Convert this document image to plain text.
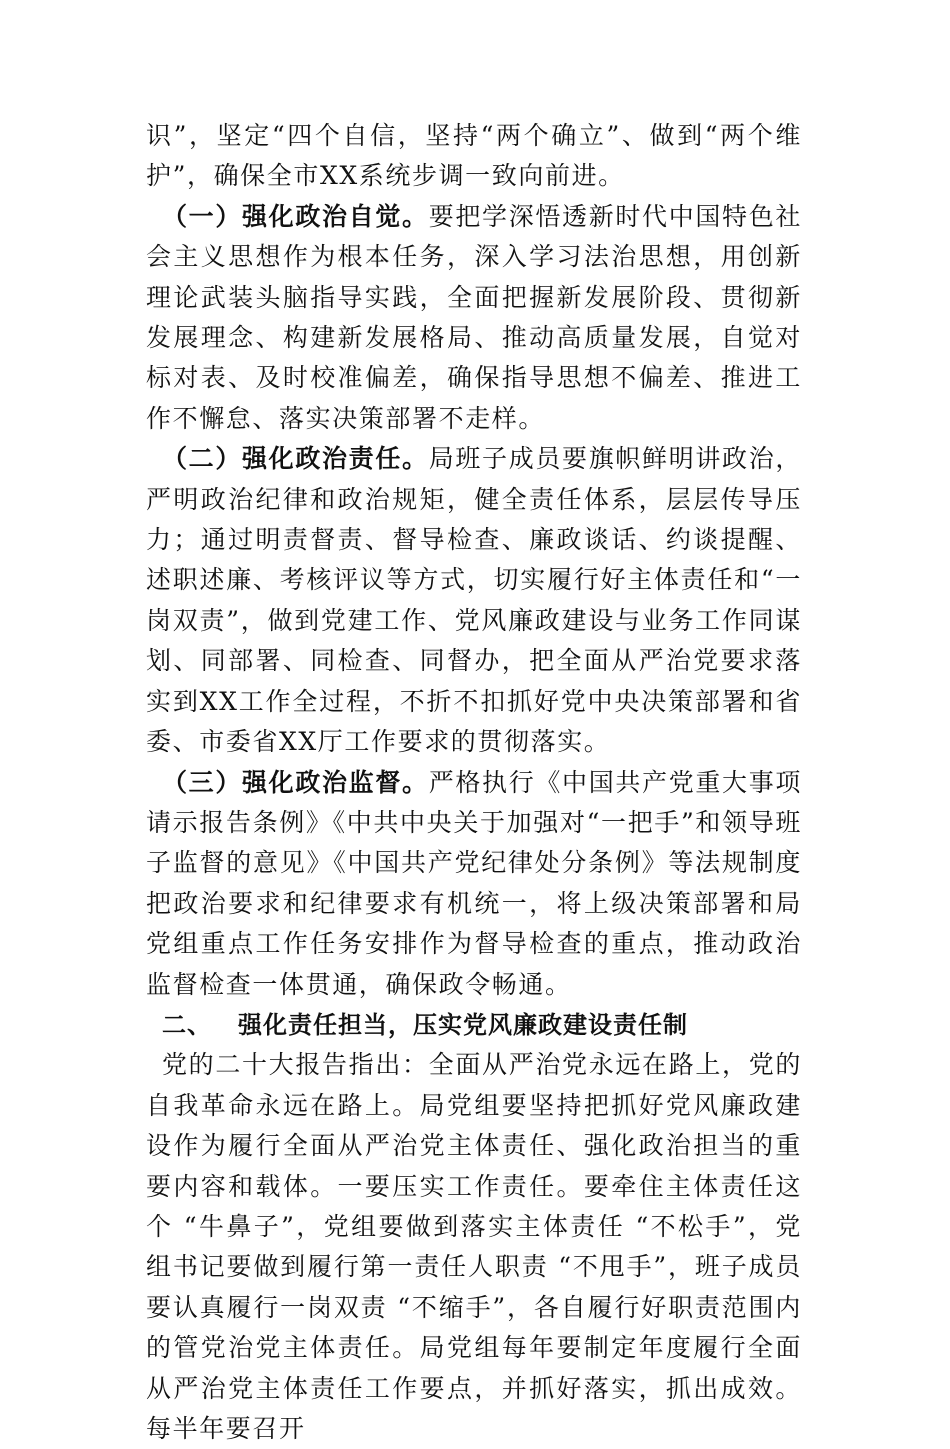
识”，坚定“四个自信，坚持“两个确立”、做到“两个维护”，确保全市XX系统步调一致向前进。

（一）强化政治自觉。要把学深悟透新时代中国特色社会主义思想作为根本任务，深入学习法治思想，用创新理论武装头脑指导实践，全面把握新发展阶段、贯彻新发展理念、构建新发展格局、推动高质量发展，自觉对标对表、及时校准偏差，确保指导思想不偏差、推进工作不懈怠、落实决策部署不走样。

（二）强化政治责任。局班子成员要旗帜鲜明讲政治，严明政治纪律和政治规矩，健全责任体系，层层传导压力；通过明责督责、督导检查、廉政谈话、约谈提醒、述职述廉、考核评议等方式，切实履行好主体责任和“一岗双责”，做到党建工作、党风廉政建设与业务工作同谋划、同部署、同检查、同督办，把全面从严治党要求落实到XX工作全过程，不折不扣抓好党中央决策部署和省委、市委省XX厅工作要求的贯彻落实。

（三）强化政治监督。严格执行《中国共产党重大事项请示报告条例》《中共中央关于加强对“一把手”和领导班子监督的意见》《中国共产党纪律处分条例》等法规制度把政治要求和纪律要求有机统一，将上级决策部署和局党组重点工作任务安排作为督导检查的重点，推动政治监督检查一体贯通，确保政令畅通。

二、 强化责任担当，压实党风廉政建设责任制

党的二十大报告指出：全面从严治党永远在路上，党的自我革命永远在路上。局党组要坚持把抓好党风廉政建设作为履行全面从严治党主体责任、强化政治担当的重要内容和载体。一要压实工作责任。要牵住主体责任这个 “牛鼻子”，党组要做到落实主体责任 “不松手”，党组书记要做到履行第一责任人职责 “不甩手”，班子成员要认真履行一岗双责 “不缩手”，各自履行好职责范围内的管党治党主体责任。局党组每年要制定年度履行全面从严治党主体责任工作要点，并抓好落实，抓出成效。每半年要召开
